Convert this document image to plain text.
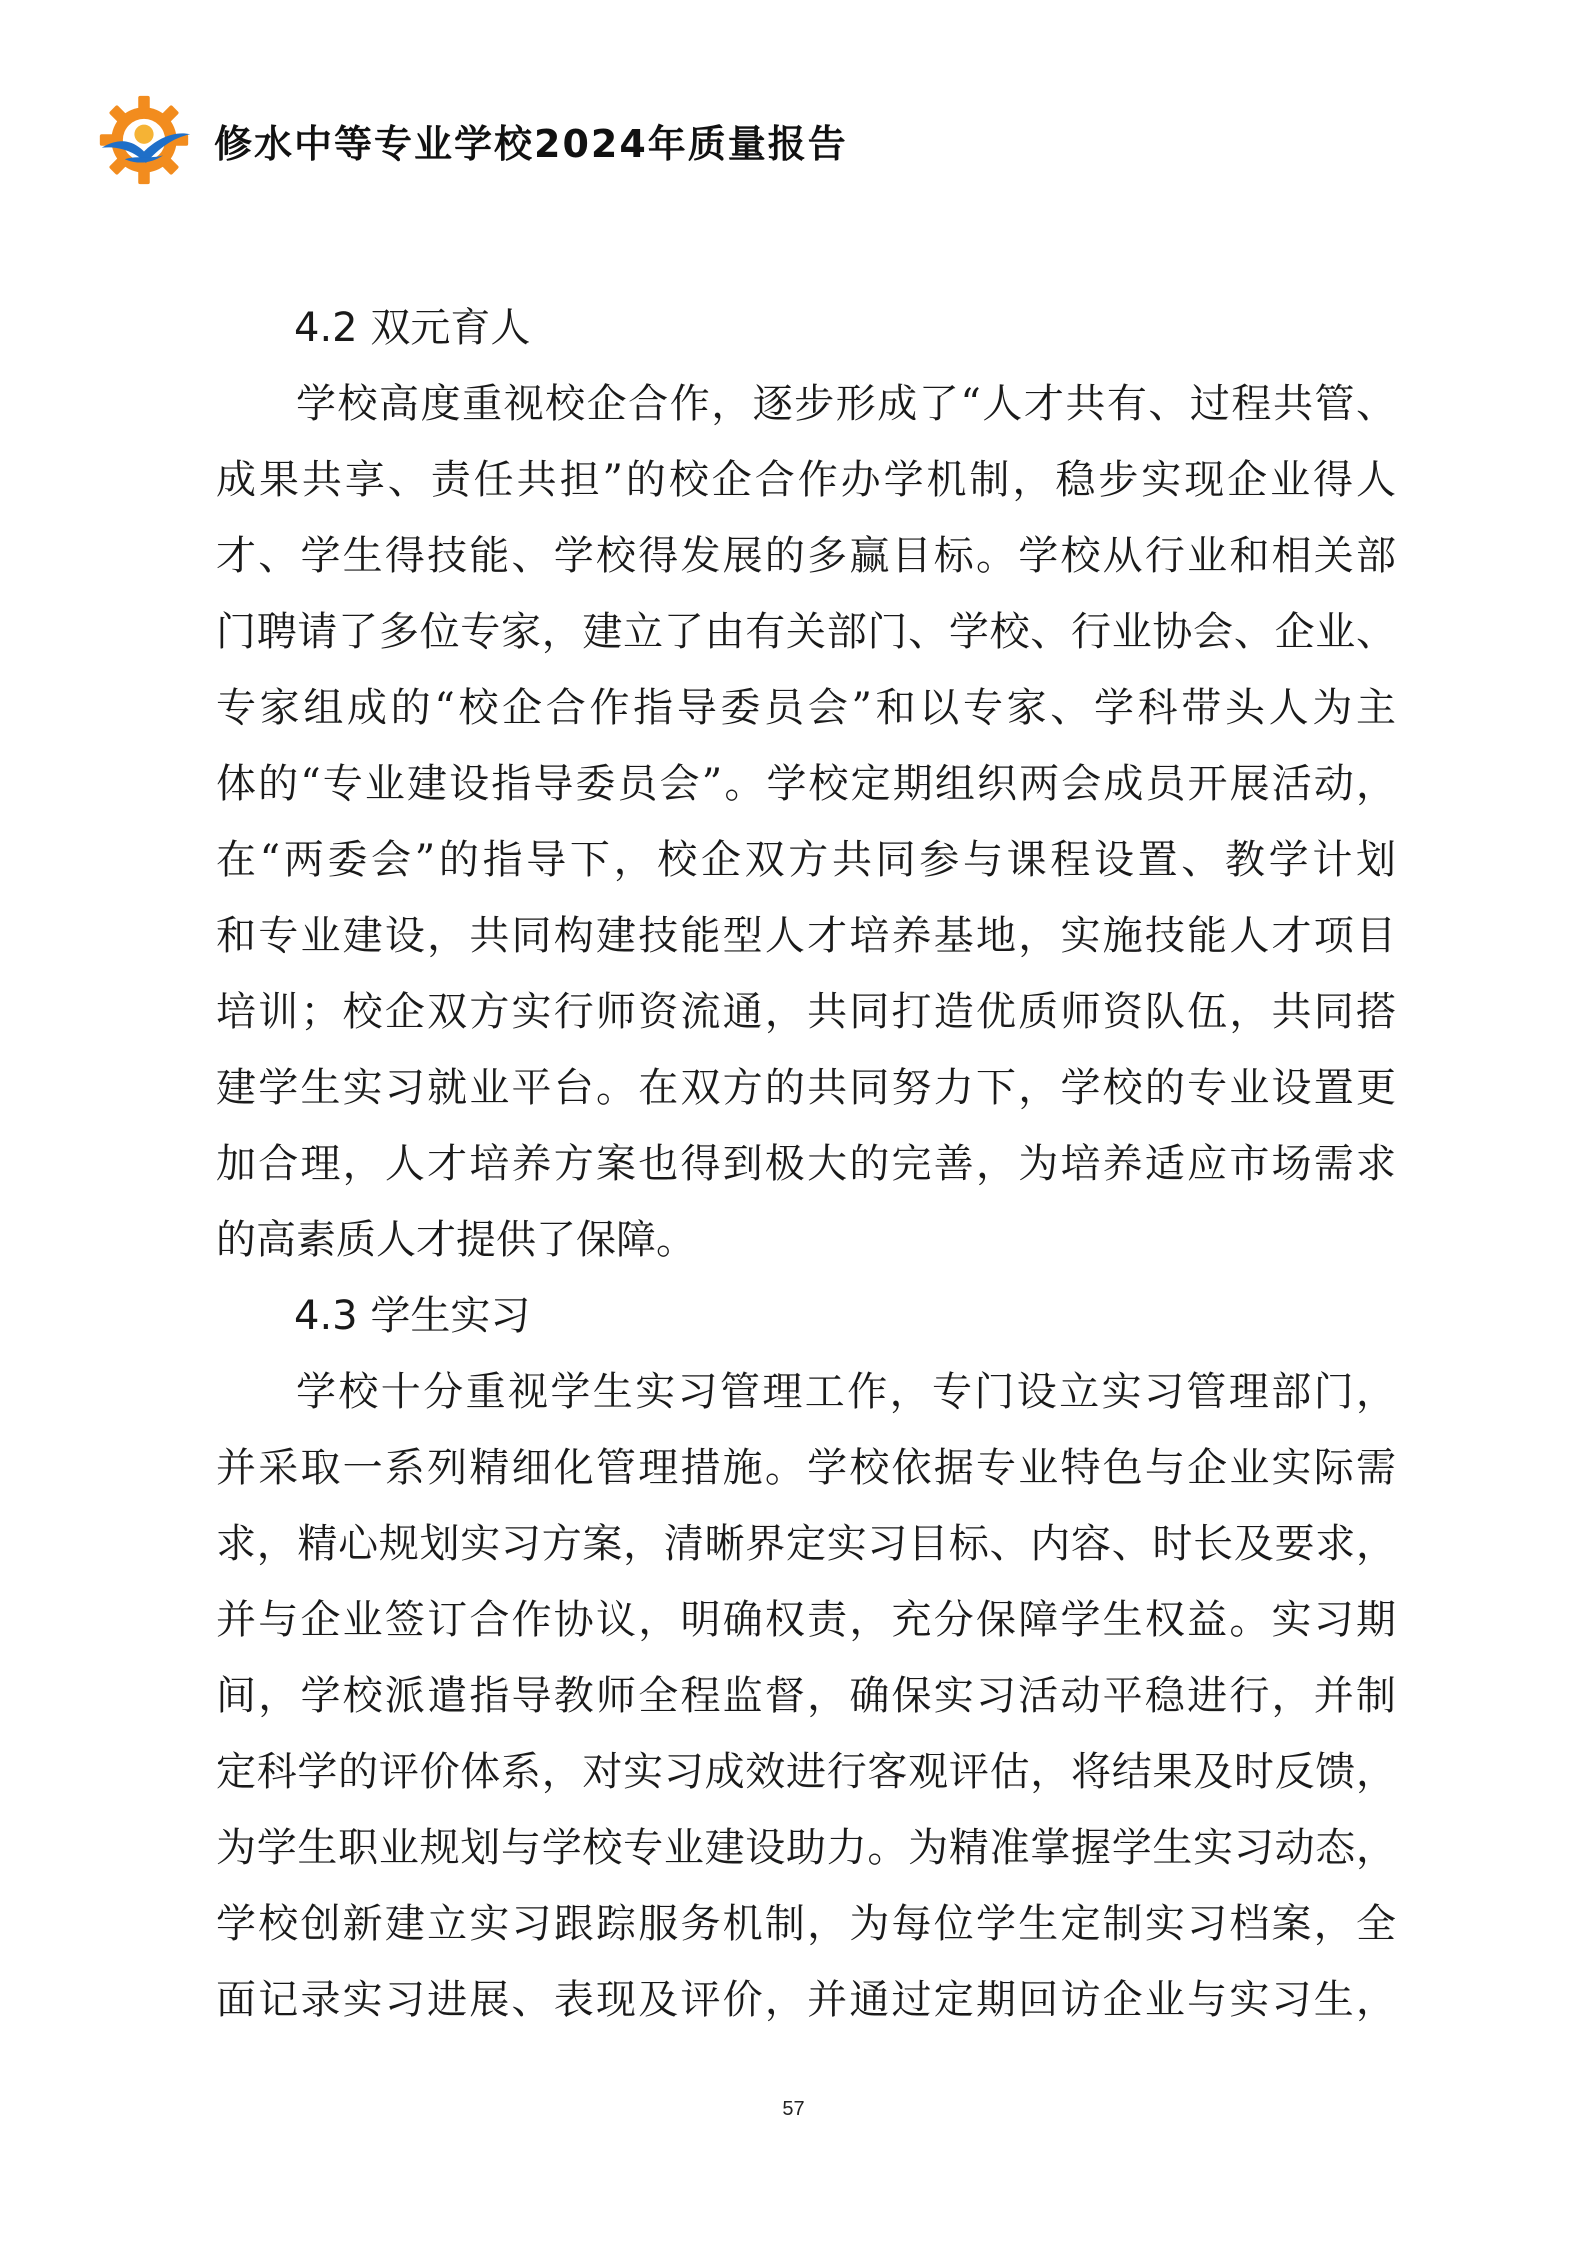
修水中等专业学校2024年质量报告
4.2 双元育人
学校高度重视校企合作，逐步形成了“人才共有、过程共管、
成果共享、责任共担”的校企合作办学机制，稳步实现企业得人
才、学生得技能、学校得发展的多赢目标。学校从行业和相关部
门聘请了多位专家，建立了由有关部门、学校、行业协会、企业、
专家组成的“校企合作指导委员会”和以专家、学科带头人为主
体的“专业建设指导委员会”。学校定期组织两会成员开展活动，
在“两委会”的指导下，校企双方共同参与课程设置、教学计划
和专业建设，共同构建技能型人才培养基地，实施技能人才项目
培训；校企双方实行师资流通，共同打造优质师资队伍，共同搭
建学生实习就业平台。在双方的共同努力下，学校的专业设置更
加合理，人才培养方案也得到极大的完善，为培养适应市场需求
的高素质人才提供了保障。
4.3 学生实习
学校十分重视学生实习管理工作，专门设立实习管理部门，
并采取一系列精细化管理措施。学校依据专业特色与企业实际需
求，精心规划实习方案，清晰界定实习目标、内容、时长及要求，
并与企业签订合作协议，明确权责，充分保障学生权益。实习期
间，学校派遣指导教师全程监督，确保实习活动平稳进行，并制
定科学的评价体系，对实习成效进行客观评估，将结果及时反馈，
为学生职业规划与学校专业建设助力。为精准掌握学生实习动态，
学校创新建立实习跟踪服务机制，为每位学生定制实习档案，全
面记录实习进展、表现及评价，并通过定期回访企业与实习生，
57
